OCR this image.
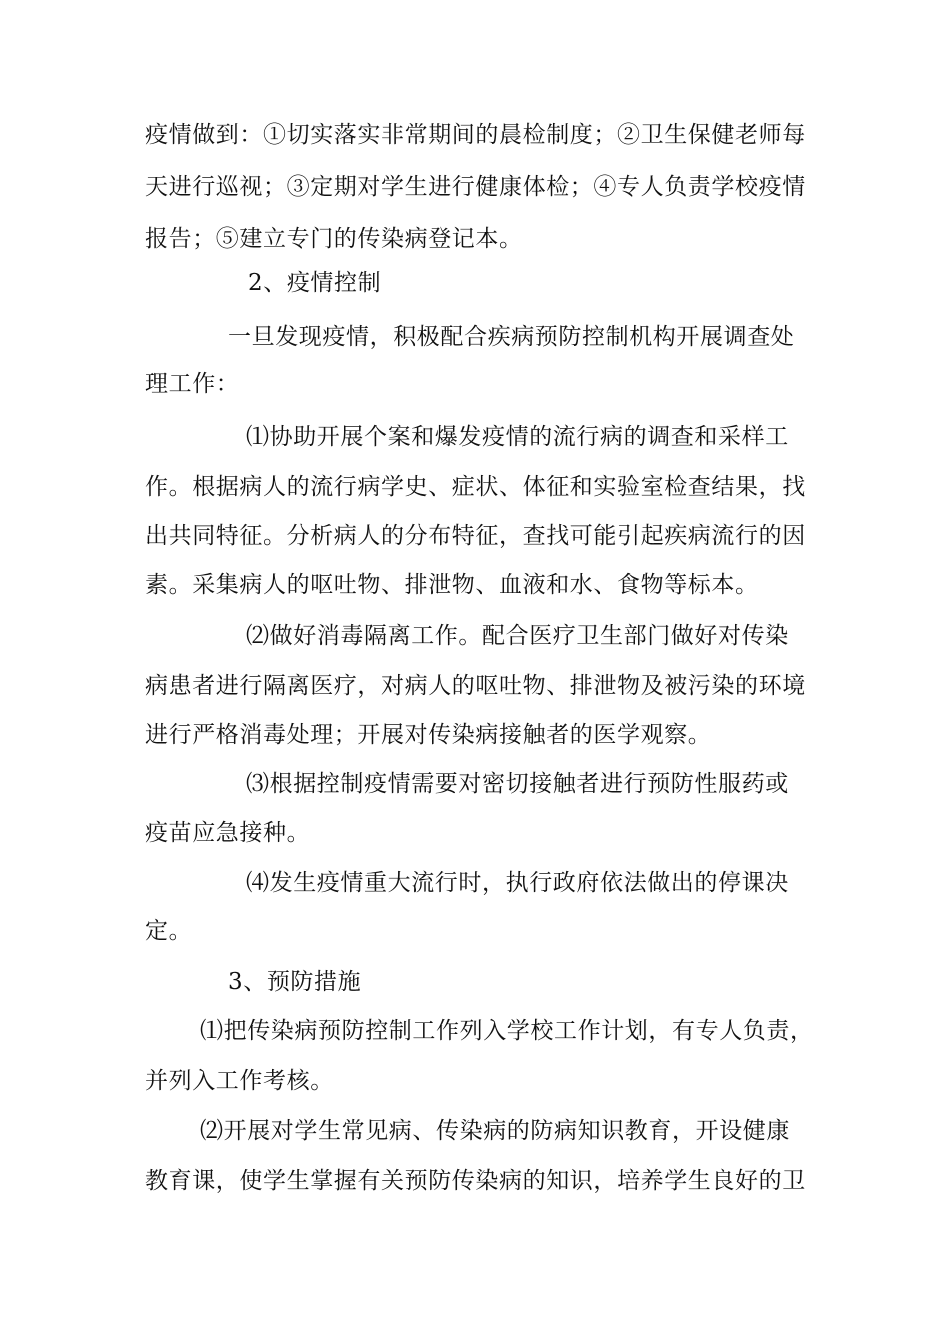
疫情做到：①切实落实非常期间的晨检制度；②卫生保健老师每
天进行巡视；③定期对学生进行健康体检；④专人负责学校疫情
报告；⑤建立专门的传染病登记本。
2、疫情控制
一旦发现疫情，积极配合疾病预防控制机构开展调查处
理工作：
⑴协助开展个案和爆发疫情的流行病的调查和采样工
作。根据病人的流行病学史、症状、体征和实验室检查结果，找
出共同特征。分析病人的分布特征，查找可能引起疾病流行的因
素。采集病人的呕吐物、排泄物、血液和水、食物等标本。
⑵做好消毒隔离工作。配合医疗卫生部门做好对传染
病患者进行隔离医疗，对病人的呕吐物、排泄物及被污染的环境
进行严格消毒处理；开展对传染病接触者的医学观察。
⑶根据控制疫情需要对密切接触者进行预防性服药或
疫苗应急接种。
⑷发生疫情重大流行时，执行政府依法做出的停课决
定。
3、预防措施
⑴把传染病预防控制工作列入学校工作计划，有专人负责，
并列入工作考核。
⑵开展对学生常见病、传染病的防病知识教育，开设健康
教育课，使学生掌握有关预防传染病的知识，培养学生良好的卫
